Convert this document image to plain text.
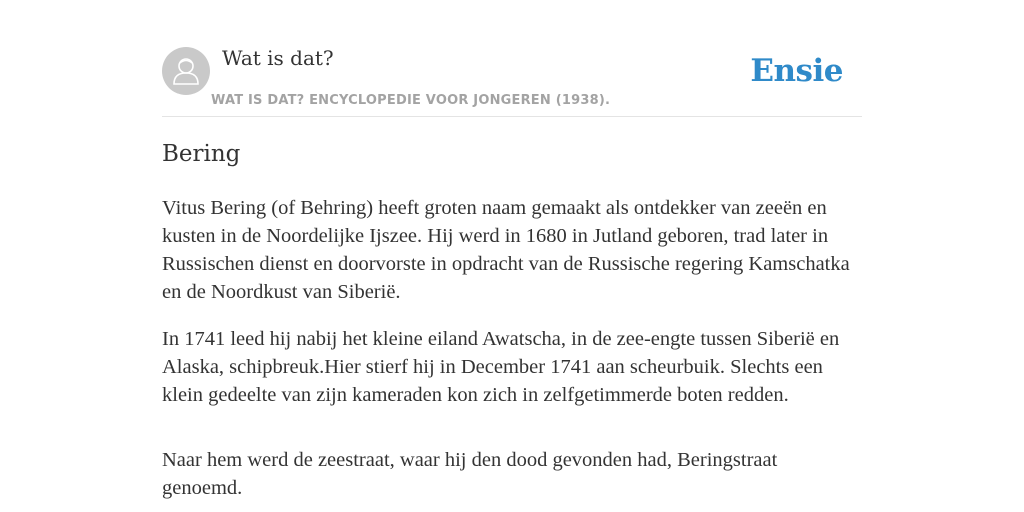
Wat is dat?
WAT IS DAT? ENCYCLOPEDIE VOOR JONGEREN (1938).
Ensie
Bering

Vitus Bering (of Behring) heeft groten naam gemaakt als ontdekker van zeeën en kusten in de Noordelijke Ijszee. Hij werd in 1680 in Jutland geboren, trad later in Russischen dienst en doorvorste in opdracht van de Russische regering Kamschatka en de Noordkust van Siberië.

In 1741 leed hij nabij het kleine eiland Awatscha, in de zee-engte tussen Siberië en Alaska, schipbreuk.Hier stierf hij in December 1741 aan scheurbuik. Slechts een klein gedeelte van zijn kameraden kon zich in zelfgetimmerde boten redden.

Naar hem werd de zeestraat, waar hij den dood gevonden had, Beringstraat genoemd.
